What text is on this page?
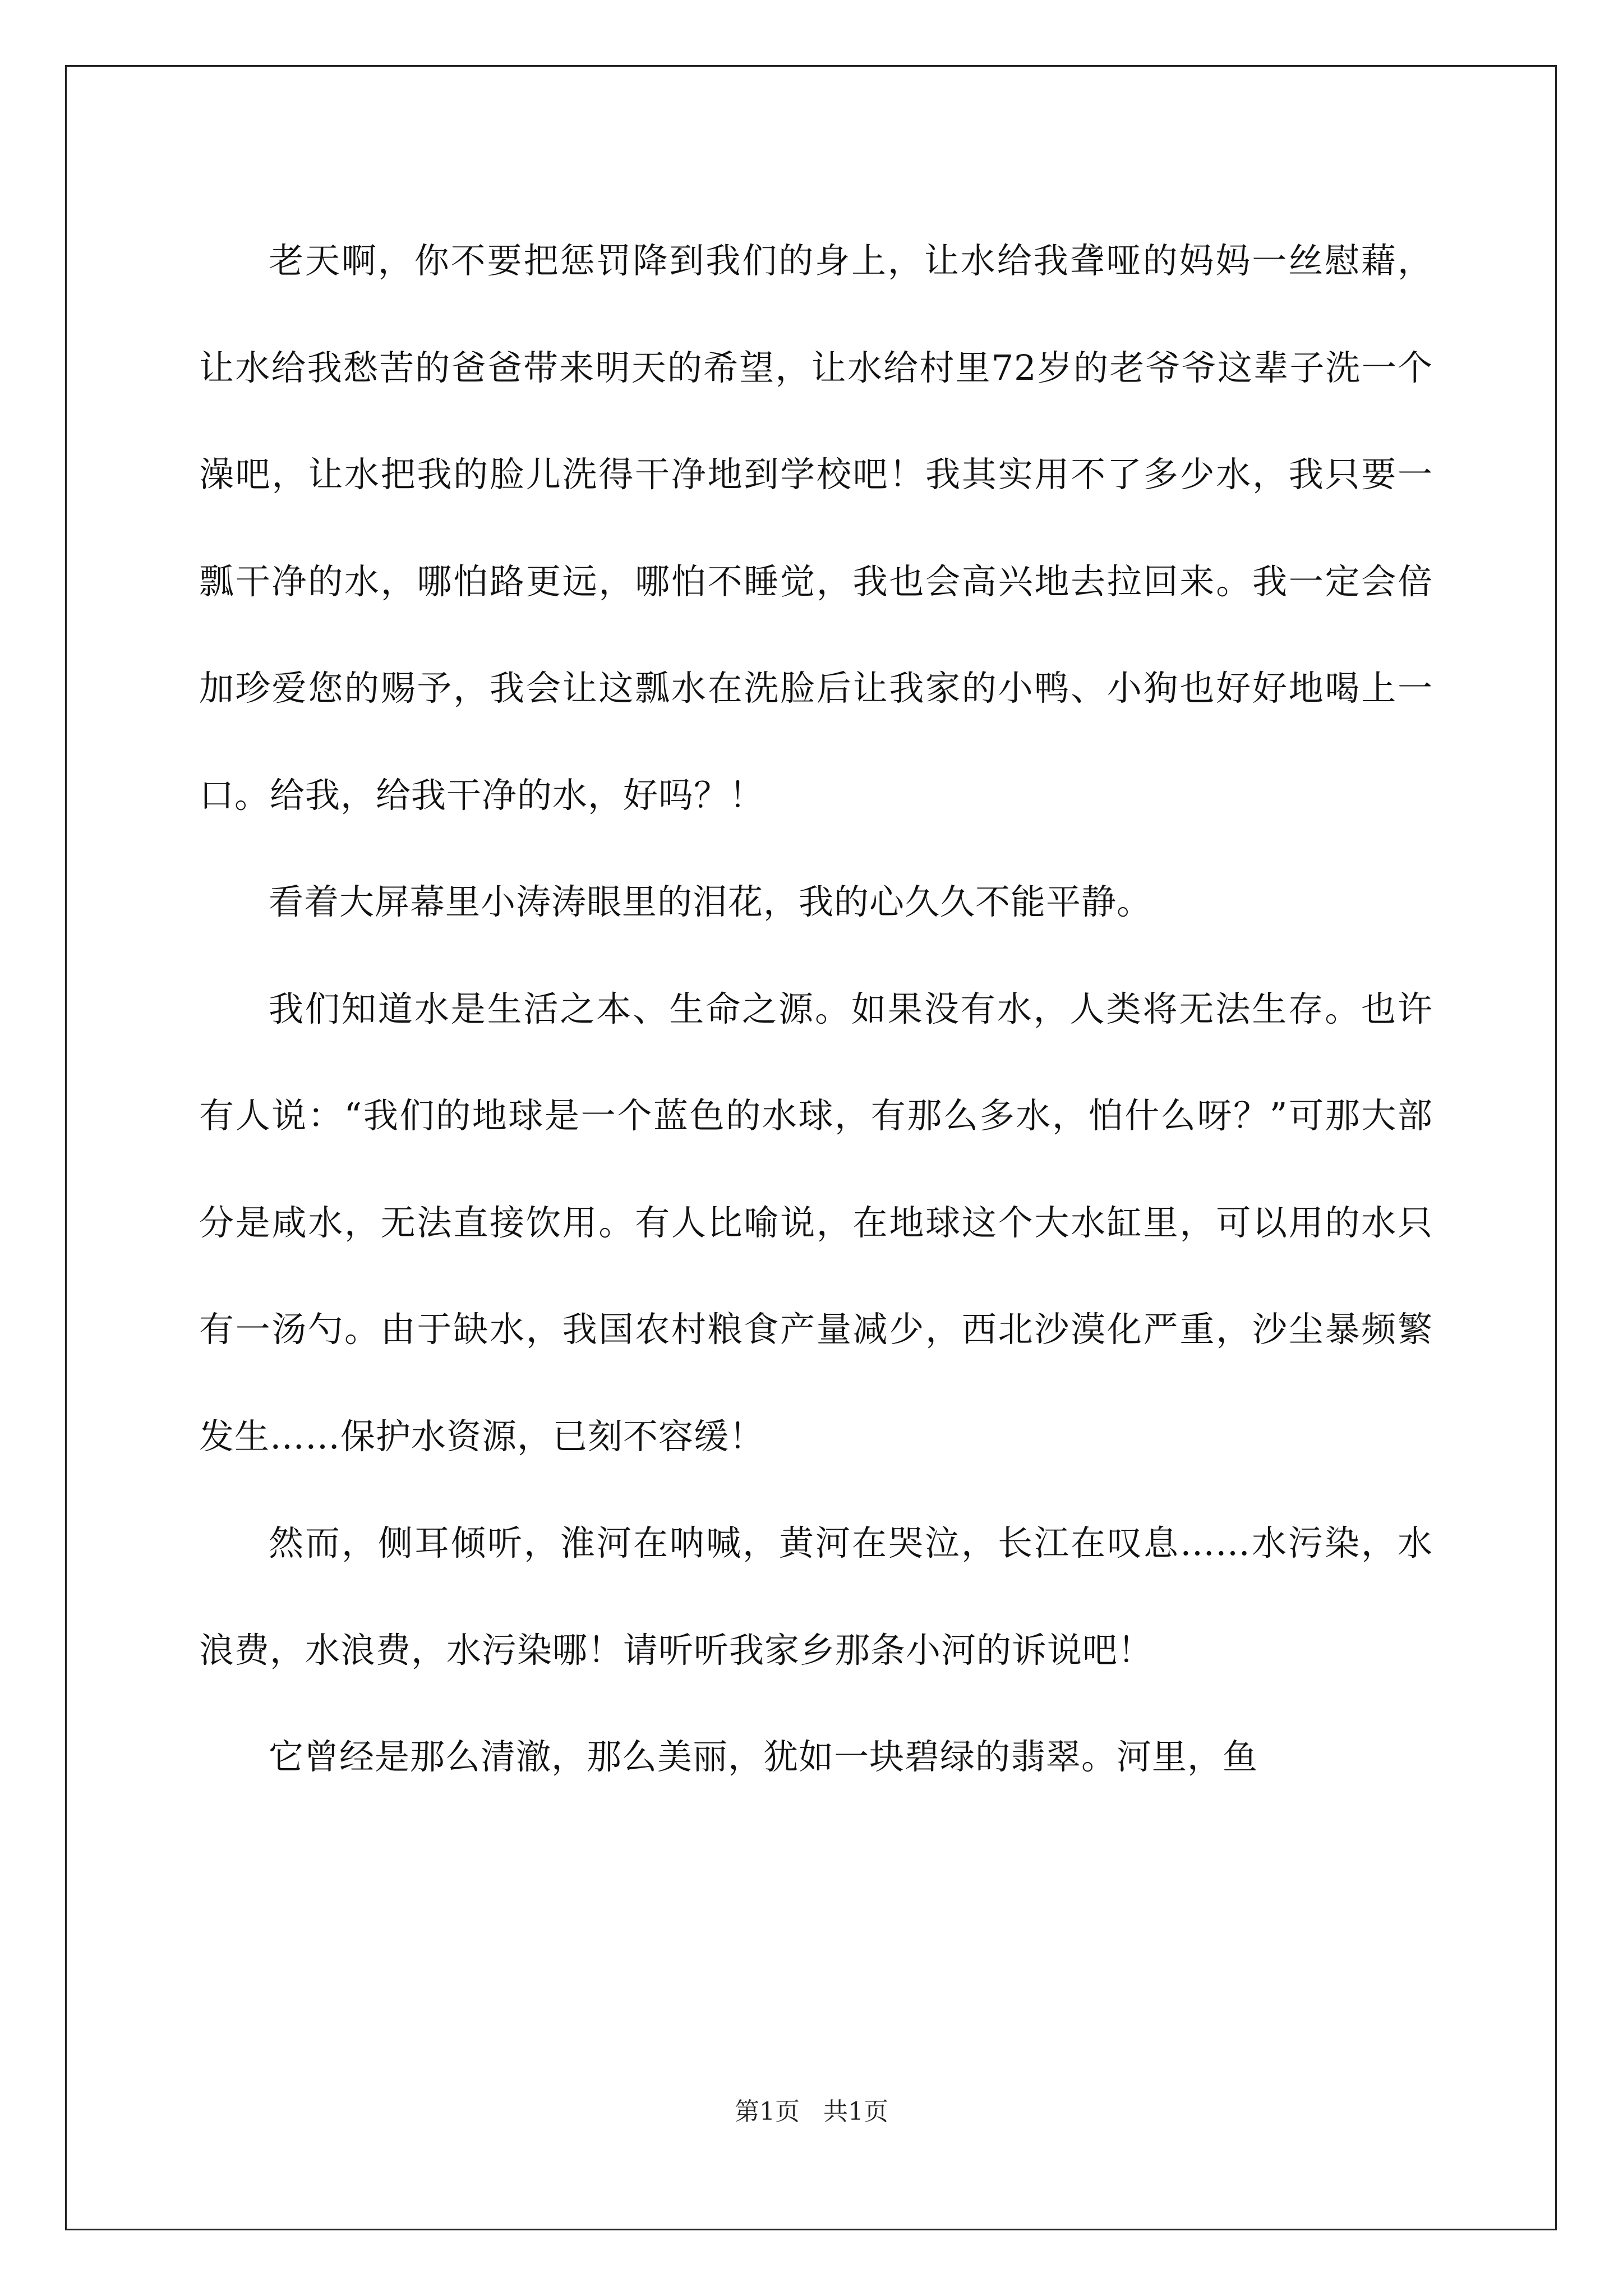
老天啊，你不要把惩罚降到我们的身上，让水给我聋哑的妈妈一丝慰藉，让水给我愁苦的爸爸带来明天的希望，让水给村里72岁的老爷爷这辈子洗一个澡吧，让水把我的脸儿洗得干净地到学校吧！我其实用不了多少水，我只要一瓢干净的水，哪怕路更远，哪怕不睡觉，我也会高兴地去拉回来。我一定会倍加珍爱您的赐予，我会让这瓢水在洗脸后让我家的小鸭、小狗也好好地喝上一口。给我，给我干净的水，好吗？！

看着大屏幕里小涛涛眼里的泪花，我的心久久不能平静。

我们知道水是生活之本、生命之源。如果没有水，人类将无法生存。也许有人说：“我们的地球是一个蓝色的水球，有那么多水，怕什么呀？”可那大部分是咸水，无法直接饮用。有人比喻说，在地球这个大水缸里，可以用的水只有一汤勺。由于缺水，我国农村粮食产量减少，西北沙漠化严重，沙尘暴频繁发生……保护水资源，已刻不容缓！

然而，侧耳倾听，淮河在呐喊，黄河在哭泣，长江在叹息……水污染，水浪费，水浪费，水污染哪！请听听我家乡那条小河的诉说吧！

它曾经是那么清澈，那么美丽，犹如一块碧绿的翡翠。河里，鱼

第1页   共1页
